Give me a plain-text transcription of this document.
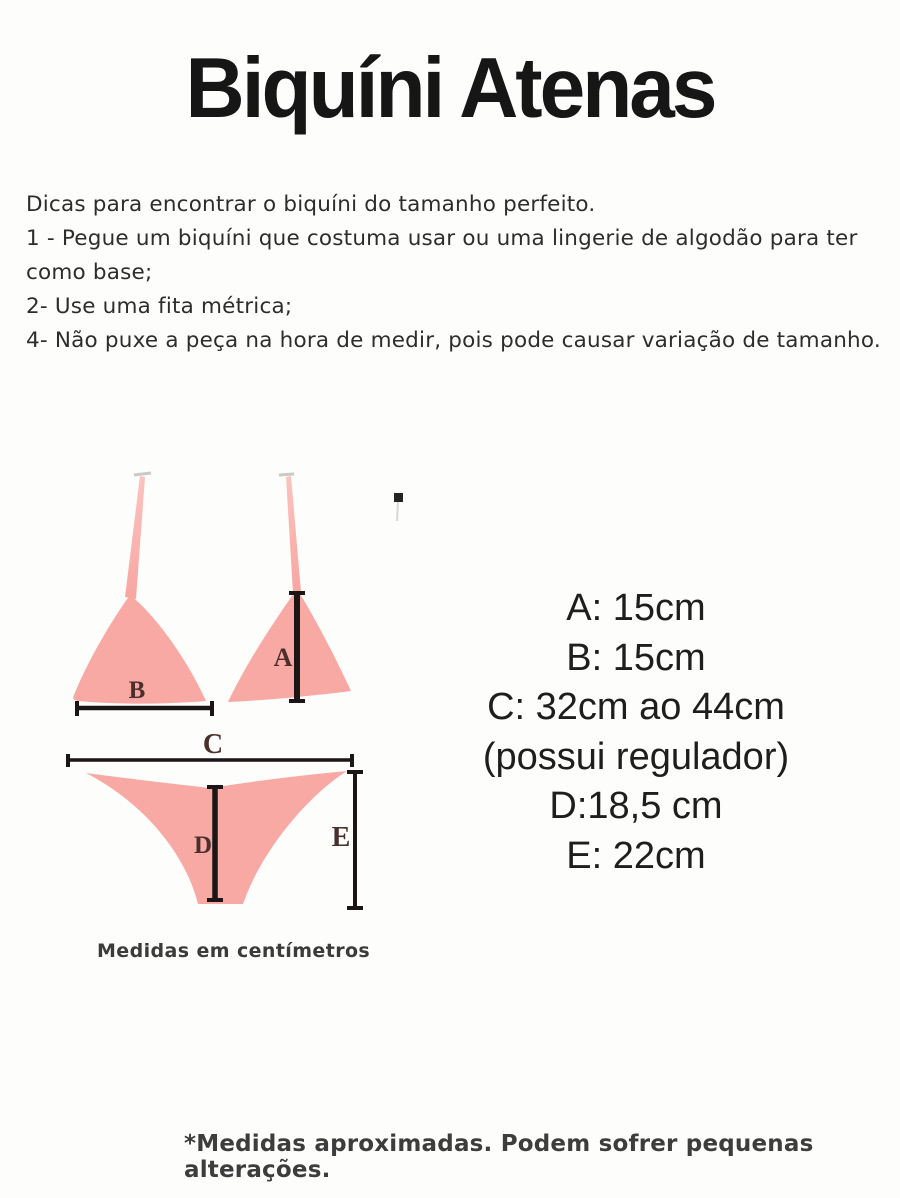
Biquíni Atenas
Dicas para encontrar o biquíni do tamanho perfeito.
1 - Pegue um biquíni que costuma usar ou uma lingerie de algodão para ter como base;
2- Use uma fita métrica;
4- Não puxe a peça na hora de medir, pois pode causar variação de tamanho.
A
B
C
D	E
Medidas em centímetros
A: 15cm
B: 15cm
C: 32cm ao 44cm
(possui regulador)
D:18,5 cm
E: 22cm
*Medidas aproximadas. Podem sofrer pequenas alterações.
